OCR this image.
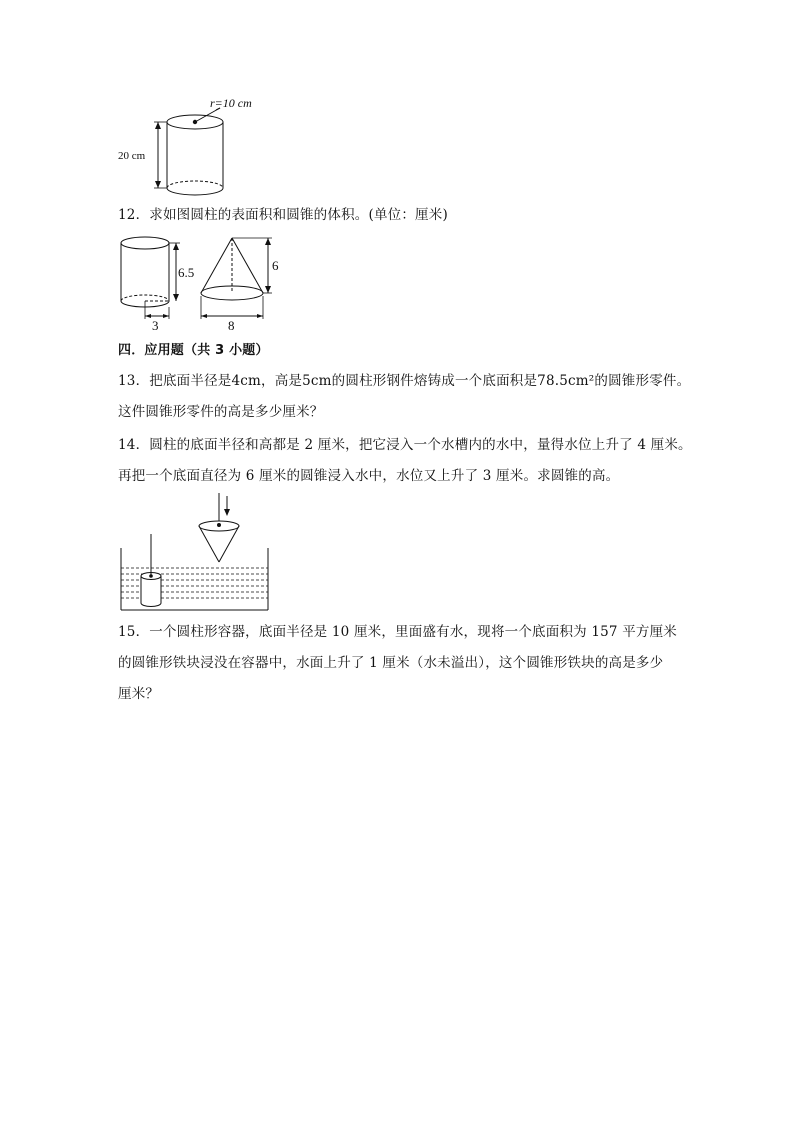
r=10 cm
20 cm
12．求如图圆柱的表面积和圆锥的体积。(单位：厘米)
6.5
3
6
8
四．应用题（共 3 小题）
13．把底面半径是4cm，高是5cm的圆柱形钢件熔铸成一个底面积是78.5cm²的圆锥形零件。
这件圆锥形零件的高是多少厘米？
14．圆柱的底面半径和高都是 2 厘米，把它浸入一个水槽内的水中，量得水位上升了 4 厘米。
再把一个底面直径为 6 厘米的圆锥浸入水中，水位又上升了 3 厘米。求圆锥的高。
15．一个圆柱形容器，底面半径是 10 厘米，里面盛有水，现将一个底面积为 157 平方厘米
的圆锥形铁块浸没在容器中，水面上升了 1 厘米（水未溢出），这个圆锥形铁块的高是多少
厘米？
